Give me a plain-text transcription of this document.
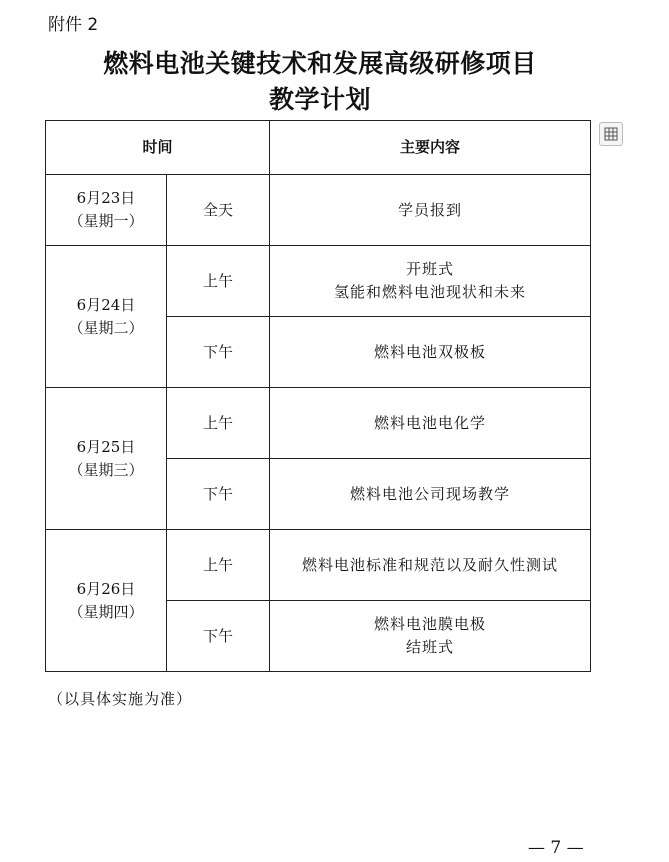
附件 2
燃料电池关键技术和发展高级研修项目
教学计划
时间		主要内容

6月23日
（星期一）	全天	学员报到

6月24日
（星期二）	上午	开班式
氢能和燃料电池现状和未来

	下午	燃料电池双极板

6月25日
（星期三）	上午	燃料电池电化学

	下午	燃料电池公司现场教学

6月26日
（星期四）	上午	燃料电池标准和规范以及耐久性测试

	下午	燃料电池膜电极
结班式
（以具体实施为准）
— 7 —
